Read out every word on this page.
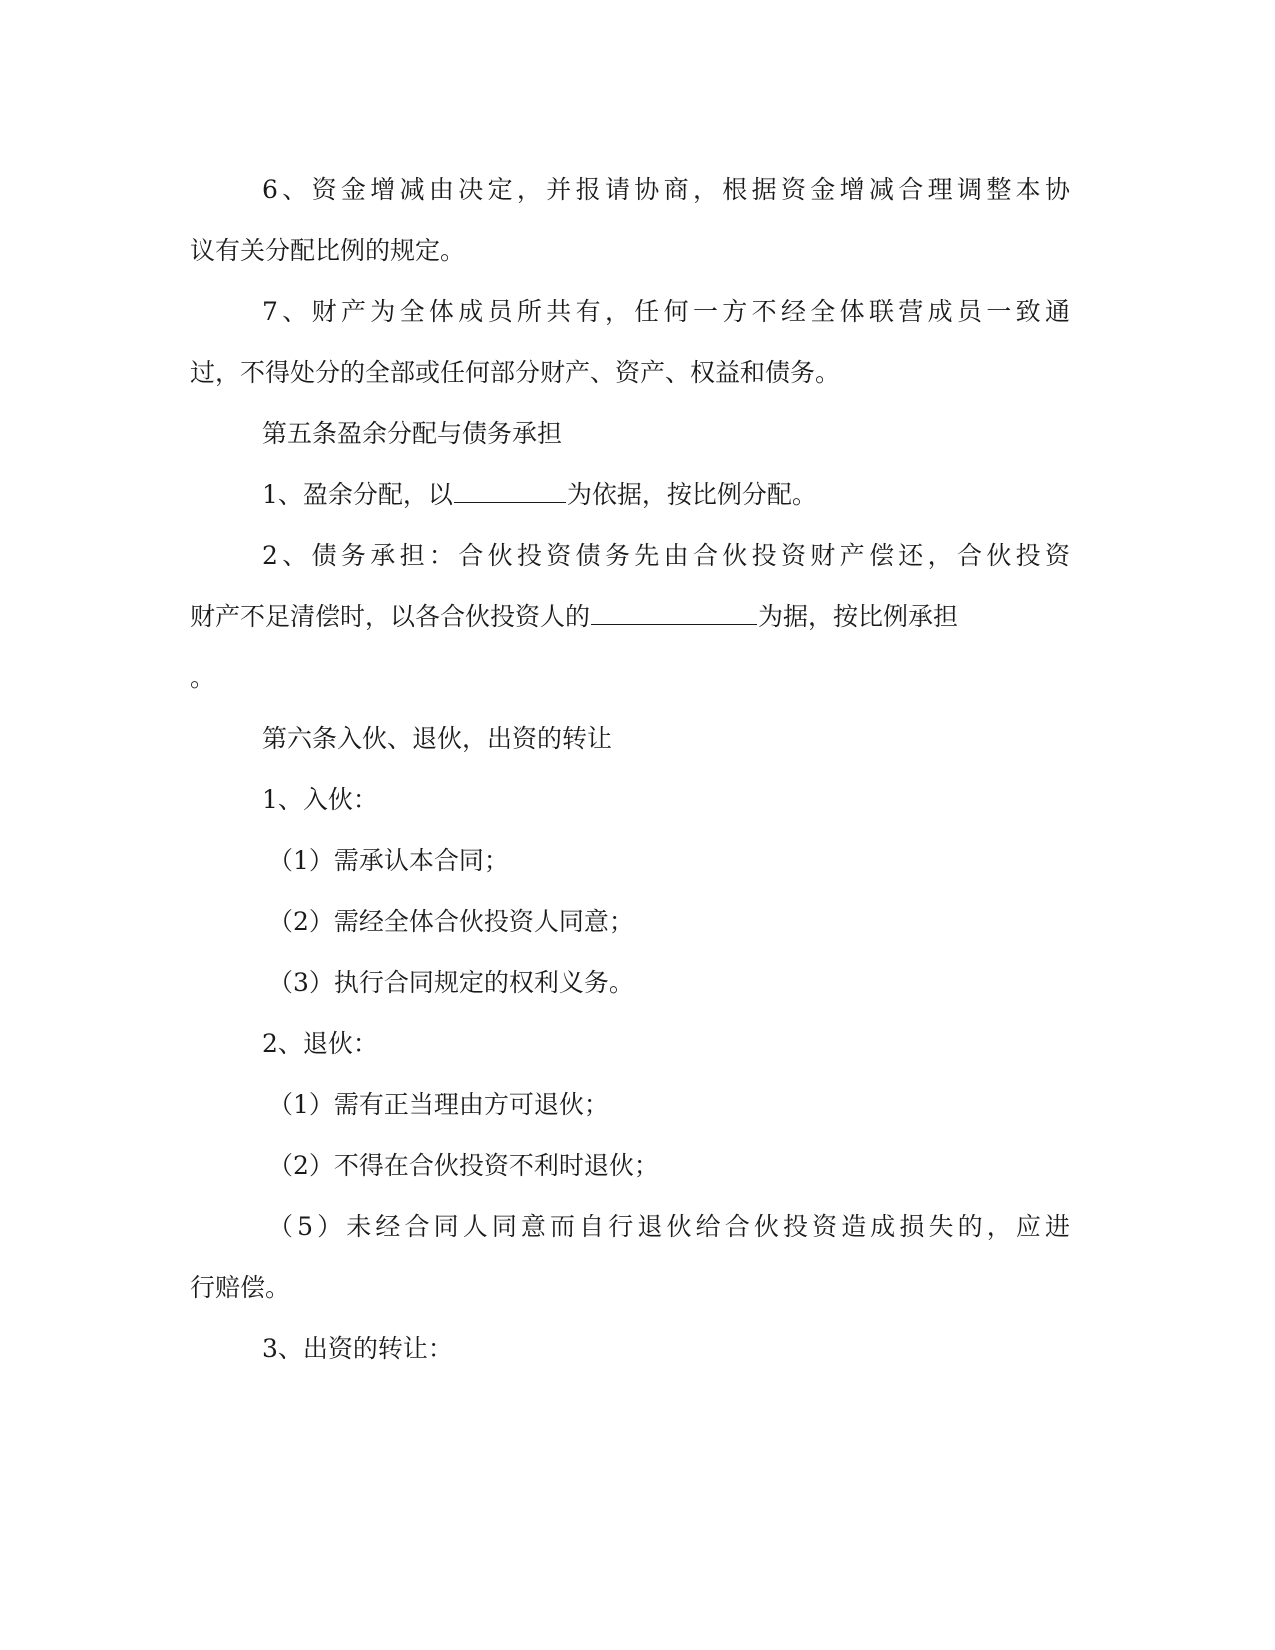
6、资金增减由决定，并报请协商，根据资金增减合理调整本协
议有关分配比例的规定。
7、财产为全体成员所共有，任何一方不经全体联营成员一致通
过，不得处分的全部或任何部分财产、资产、权益和债务。
第五条盈余分配与债务承担
1、盈余分配，以	为依据，按比例分配。
2、债务承担：合伙投资债务先由合伙投资财产偿还，合伙投资
财产不足清偿时，以各合伙投资人的	为据，按比例承担
。
第六条入伙、退伙，出资的转让
1、入伙：
（1）需承认本合同；
（2）需经全体合伙投资人同意；
（3）执行合同规定的权利义务。
2、退伙：
（1）需有正当理由方可退伙；
（2）不得在合伙投资不利时退伙；
（5）未经合同人同意而自行退伙给合伙投资造成损失的，应进
行赔偿。
3、出资的转让：
